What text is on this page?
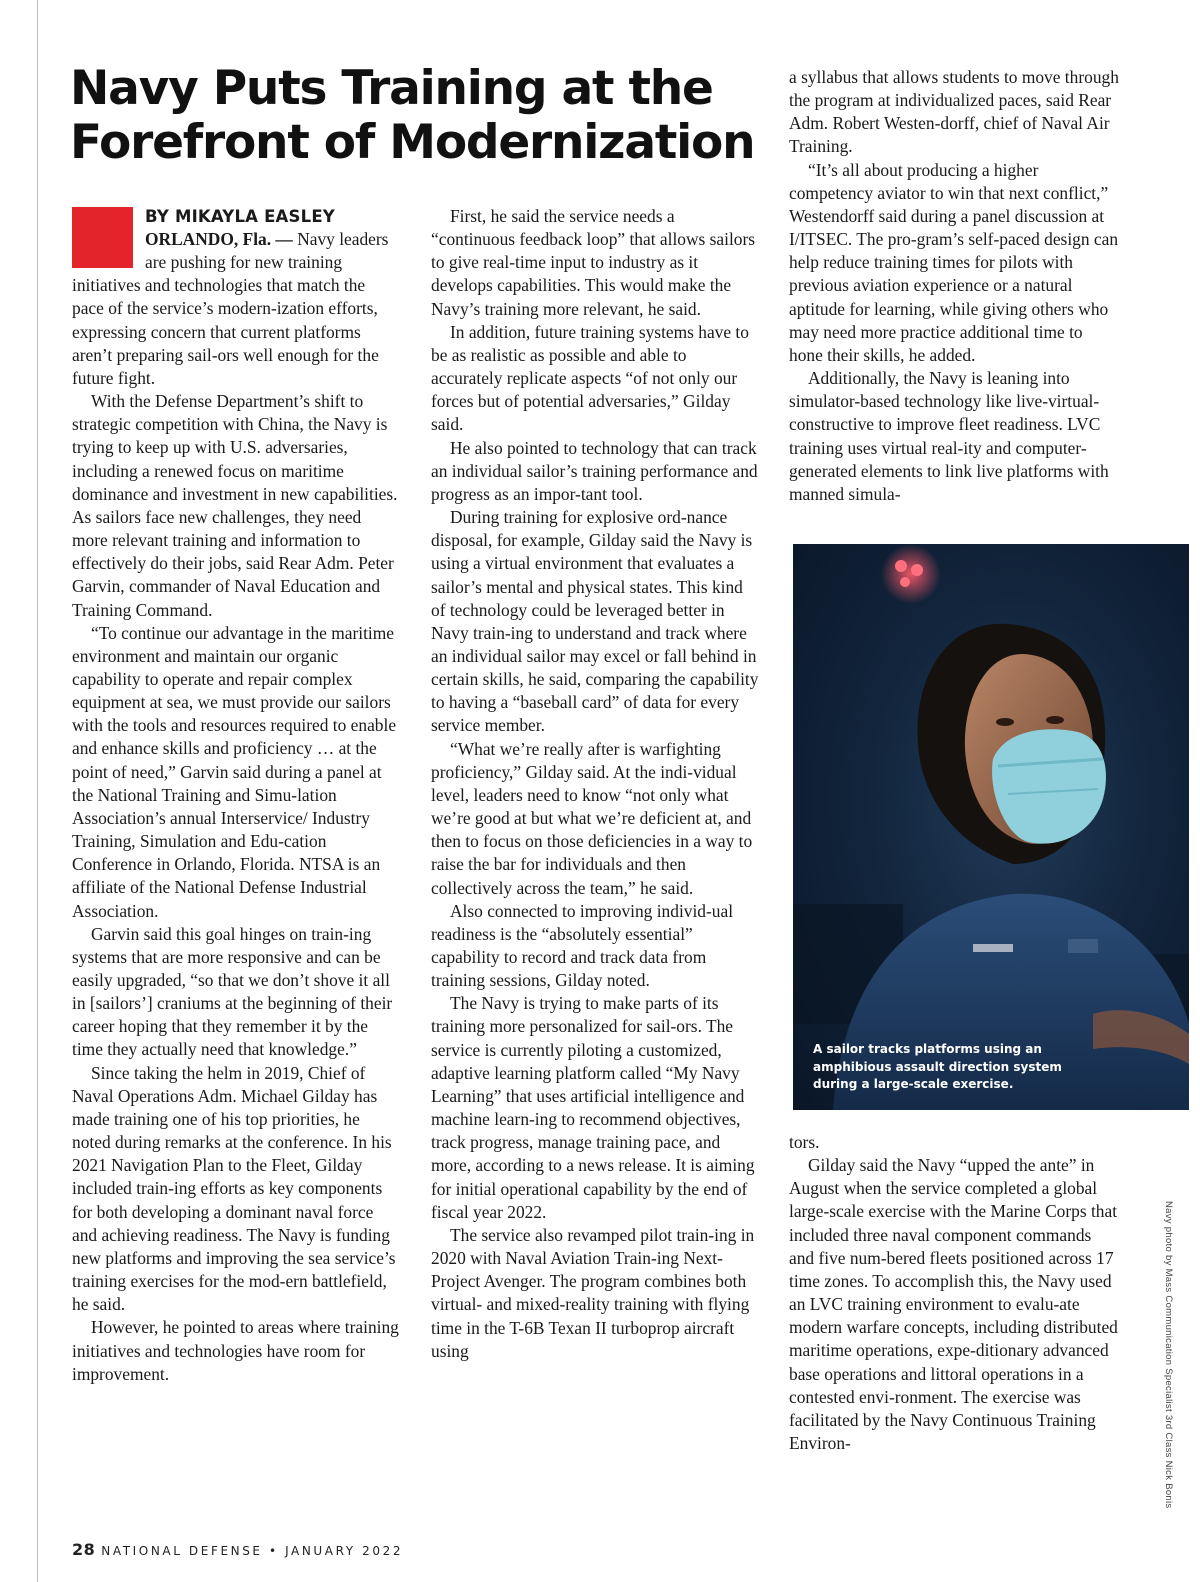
Navy Puts Training at the Forefront of Modernization
BY MIKAYLA EASLEY

ORLANDO, Fla. — Navy leaders are pushing for new training initiatives and technologies that match the pace of the service’s modern-ization efforts, expressing concern that current platforms aren’t preparing sail-ors well enough for the future fight.

With the Defense Department’s shift to strategic competition with China, the Navy is trying to keep up with U.S. adversaries, including a renewed focus on maritime dominance and investment in new capabilities. As sailors face new challenges, they need more relevant training and information to effectively do their jobs, said Rear Adm. Peter Garvin, commander of Naval Education and Training Command.

“To continue our advantage in the maritime environment and maintain our organic capability to operate and repair complex equipment at sea, we must provide our sailors with the tools and resources required to enable and enhance skills and proficiency … at the point of need,” Garvin said during a panel at the National Training and Simu-lation Association’s annual Interservice/ Industry Training, Simulation and Edu-cation Conference in Orlando, Florida. NTSA is an affiliate of the National Defense Industrial Association.

Garvin said this goal hinges on train-ing systems that are more responsive and can be easily upgraded, “so that we don’t shove it all in [sailors’] craniums at the beginning of their career hoping that they remember it by the time they actually need that knowledge.”

Since taking the helm in 2019, Chief of Naval Operations Adm. Michael Gilday has made training one of his top priorities, he noted during remarks at the conference. In his 2021 Navigation Plan to the Fleet, Gilday included train-ing efforts as key components for both developing a dominant naval force and achieving readiness. The Navy is funding new platforms and improving the sea service’s training exercises for the mod-ern battlefield, he said.

However, he pointed to areas where training initiatives and technologies have room for improvement.

First, he said the service needs a “continuous feedback loop” that allows sailors to give real-time input to industry as it develops capabilities. This would make the Navy’s training more relevant, he said.

In addition, future training systems have to be as realistic as possible and able to accurately replicate aspects “of not only our forces but of potential adversaries,” Gilday said.

He also pointed to technology that can track an individual sailor’s training performance and progress as an impor-tant tool.

During training for explosive ord-nance disposal, for example, Gilday said the Navy is using a virtual environment that evaluates a sailor’s mental and physical states. This kind of technology could be leveraged better in Navy train-ing to understand and track where an individual sailor may excel or fall behind in certain skills, he said, comparing the capability to having a “baseball card” of data for every service member.

“What we’re really after is warfighting proficiency,” Gilday said. At the indi-vidual level, leaders need to know “not only what we’re good at but what we’re deficient at, and then to focus on those deficiencies in a way to raise the bar for individuals and then collectively across the team,” he said.

Also connected to improving individ-ual readiness is the “absolutely essential” capability to record and track data from training sessions, Gilday noted.

The Navy is trying to make parts of its training more personalized for sail-ors. The service is currently piloting a customized, adaptive learning platform called “My Navy Learning” that uses artificial intelligence and machine learn-ing to recommend objectives, track progress, manage training pace, and more, according to a news release. It is aiming for initial operational capability by the end of fiscal year 2022.

The service also revamped pilot train-ing in 2020 with Naval Aviation Train-ing Next-Project Avenger. The program combines both virtual- and mixed-reality training with flying time in the T-6B Texan II turboprop aircraft using

a syllabus that allows students to move through the program at individualized paces, said Rear Adm. Robert Westen-dorff, chief of Naval Air Training.

“It’s all about producing a higher competency aviator to win that next conflict,” Westendorff said during a panel discussion at I/ITSEC. The pro-gram’s self-paced design can help reduce training times for pilots with previous aviation experience or a natural aptitude for learning, while giving others who may need more practice additional time to hone their skills, he added.

Additionally, the Navy is leaning into simulator-based technology like live-virtual-constructive to improve fleet readiness. LVC training uses virtual real-ity and computer-generated elements to link live platforms with manned simula-

A sailor tracks platforms using an amphibious assault direction system during a large-scale exercise.

tors.

Gilday said the Navy “upped the ante” in August when the service completed a global large-scale exercise with the Marine Corps that included three naval component commands and five num-bered fleets positioned across 17 time zones. To accomplish this, the Navy used an LVC training environment to evalu-ate modern warfare concepts, including distributed maritime operations, expe-ditionary advanced base operations and littoral operations in a contested envi-ronment. The exercise was facilitated by the Navy Continuous Training Environ-	Navy photo by Mass Communication Specialist 3rd Class Nick Bonis
28 NATIONAL DEFENSE • JANUARY 2022
